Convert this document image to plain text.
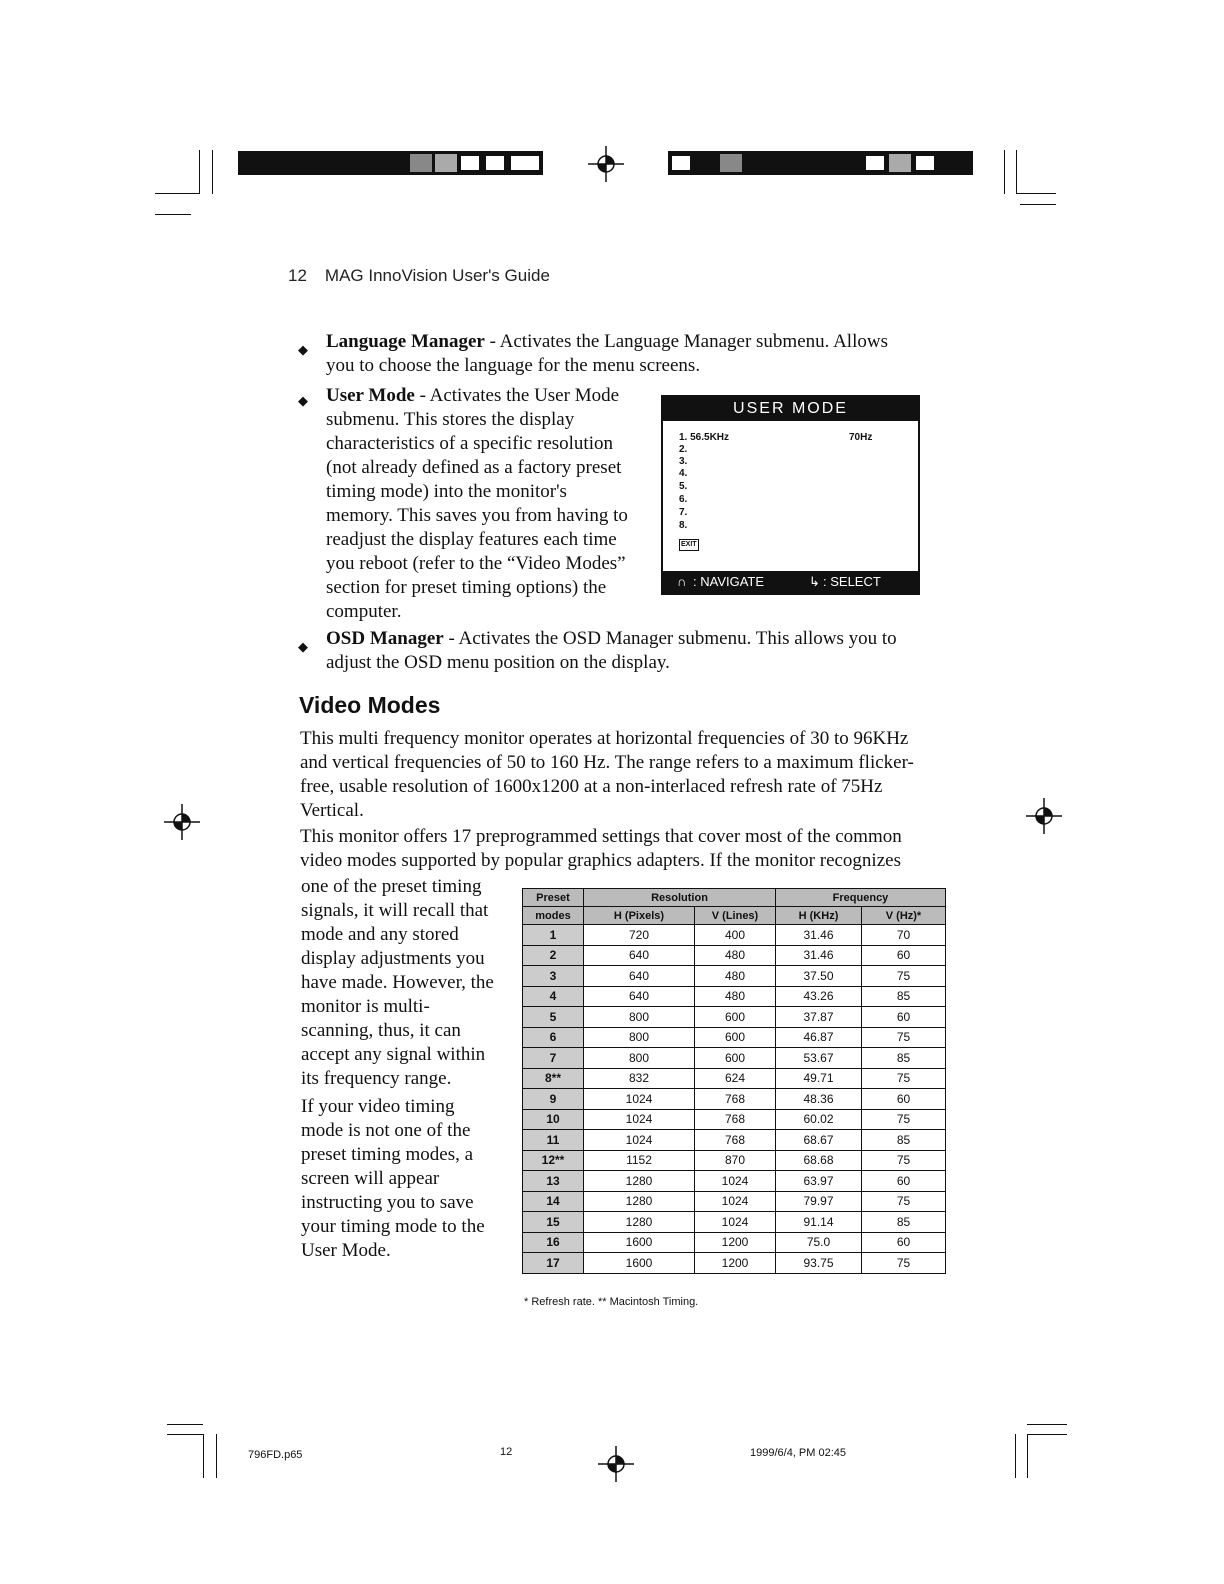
12 MAG InnoVision User's Guide
◆ Language Manager - Activates the Language Manager submenu. Allows
you to choose the language for the menu screens.
◆ User Mode - Activates the User Mode
submenu. This stores the display
characteristics of a specific resolution
(not already defined as a factory preset
timing mode) into the monitor's
memory. This saves you from having to
readjust the display features each time
you reboot (refer to the “Video Modes”
section for preset timing options) the
computer.
USER MODE
1. 56.5KHz	70Hz
2.
3.
4.
5.
6.
7.
8.
EXIT
∩ : NAVIGATE	↳ : SELECT
◆ OSD Manager - Activates the OSD Manager submenu. This allows you to
adjust the OSD menu position on the display.
Video Modes
This multi frequency monitor operates at horizontal frequencies of 30 to 96KHz
and vertical frequencies of 50 to 160 Hz. The range refers to a maximum flicker-
free, usable resolution of 1600x1200 at a non-interlaced refresh rate of 75Hz
Vertical.
This monitor offers 17 preprogrammed settings that cover most of the common
video modes supported by popular graphics adapters. If the monitor recognizes
one of the preset timing
signals, it will recall that
mode and any stored
display adjustments you
have made. However, the
monitor is multi-
scanning, thus, it can
accept any signal within
its frequency range.
If your video timing
mode is not one of the
preset timing modes, a
screen will appear
instructing you to save
your timing mode to the
User Mode.
Preset	Resolution		Frequency	
modes	H (Pixels)	V (Lines)	H (KHz)	V (Hz)*
1	720	400	31.46	70
2	640	480	31.46	60
3	640	480	37.50	75
4	640	480	43.26	85
5	800	600	37.87	60
6	800	600	46.87	75
7	800	600	53.67	85
8**	832	624	49.71	75
9	1024	768	48.36	60
10	1024	768	60.02	75
11	1024	768	68.67	85
12**	1152	870	68.68	75
13	1280	1024	63.97	60
14	1280	1024	79.97	75
15	1280	1024	91.14	85
16	1600	1200	75.0	60
17	1600	1200	93.75	75
* Refresh rate. ** Macintosh Timing.
796FD.p65	12	1999/6/4, PM 02:45
